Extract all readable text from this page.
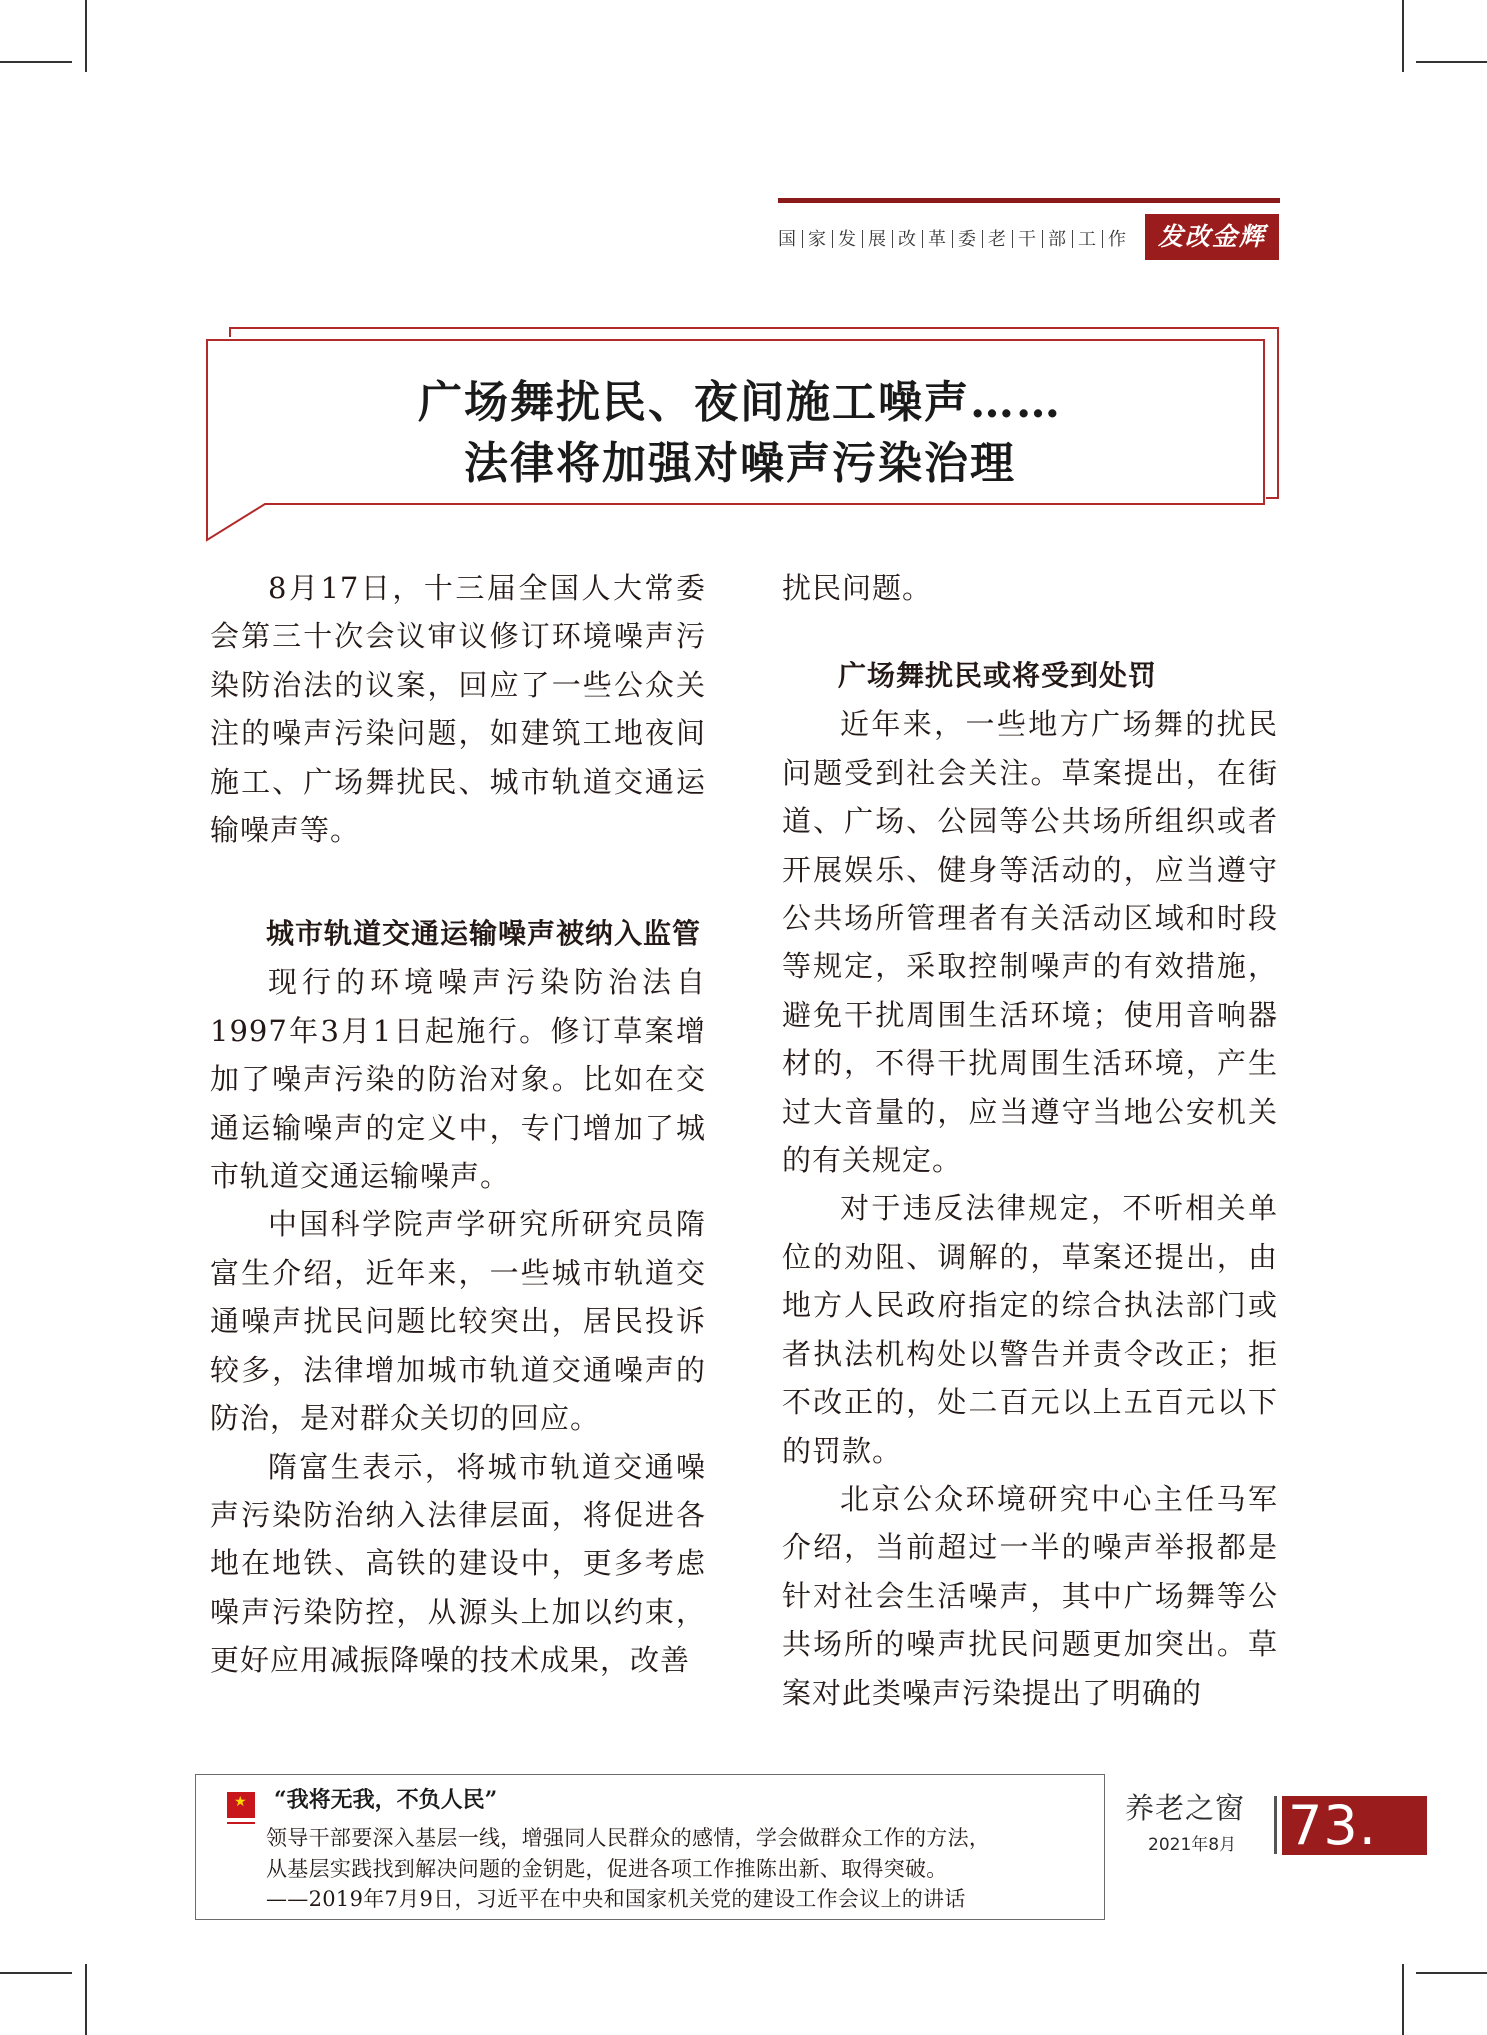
国 家 发 展 改 革 委 老 干 部 工 作	发改金辉
广场舞扰民、夜间施工噪声……
法律将加强对噪声污染治理

8月17日，十三届全国人大常委会第三十次会议审议修订环境噪声污染防治法的议案，回应了一些公众关注的噪声污染问题，如建筑工地夜间施工、广场舞扰民、城市轨道交通运输噪声等。

城市轨道交通运输噪声被纳入监管

现行的环境噪声污染防治法自1997年3月1日起施行。修订草案增加了噪声污染的防治对象。比如在交通运输噪声的定义中，专门增加了城市轨道交通运输噪声。

中国科学院声学研究所研究员隋富生介绍，近年来，一些城市轨道交通噪声扰民问题比较突出，居民投诉较多，法律增加城市轨道交通噪声的防治，是对群众关切的回应。

隋富生表示，将城市轨道交通噪声污染防治纳入法律层面，将促进各地在地铁、高铁的建设中，更多考虑噪声污染防控，从源头上加以约束，更好应用减振降噪的技术成果，改善

扰民问题。

广场舞扰民或将受到处罚

近年来，一些地方广场舞的扰民问题受到社会关注。草案提出，在街道、广场、公园等公共场所组织或者开展娱乐、健身等活动的，应当遵守公共场所管理者有关活动区域和时段等规定，采取控制噪声的有效措施，避免干扰周围生活环境；使用音响器材的，不得干扰周围生活环境，产生过大音量的，应当遵守当地公安机关的有关规定。

对于违反法律规定，不听相关单位的劝阻、调解的，草案还提出，由地方人民政府指定的综合执法部门或者执法机构处以警告并责令改正；拒不改正的，处二百元以上五百元以下的罚款。

北京公众环境研究中心主任马军介绍，当前超过一半的噪声举报都是针对社会生活噪声，其中广场舞等公共场所的噪声扰民问题更加突出。草案对此类噪声污染提出了明确的

★ “我将无我，不负人民”
领导干部要深入基层一线，增强同人民群众的感情，学会做群众工作的方法，
从基层实践找到解决问题的金钥匙，促进各项工作推陈出新、取得突破。
——2019年7月9日，习近平在中央和国家机关党的建设工作会议上的讲话
养老之窗
2021年8月 73.
